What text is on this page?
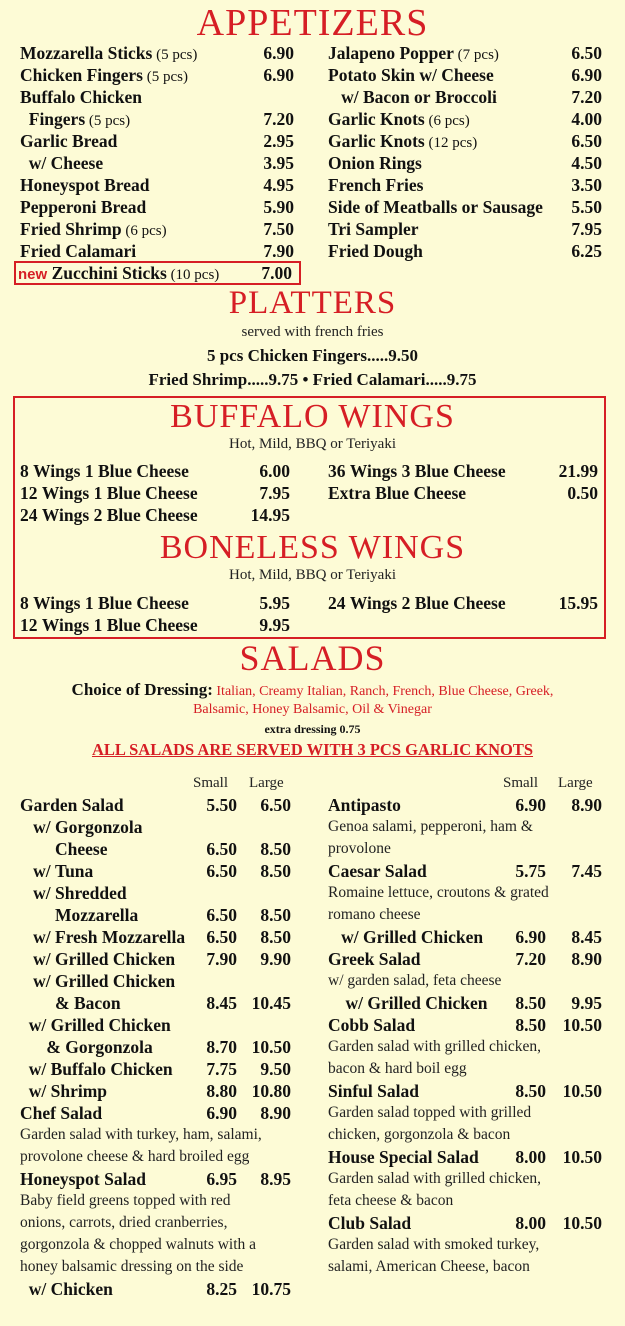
APPETIZERS
Mozzarella Sticks (5 pcs)	6.90
Chicken Fingers (5 pcs)	6.90
Buffalo Chicken
Fingers (5 pcs)	7.20
Garlic Bread	2.95
w/ Cheese	3.95
Honeyspot Bread	4.95
Pepperoni Bread	5.90
Fried Shrimp (6 pcs)	7.50
Fried Calamari	7.90
Jalapeno Popper (7 pcs)	6.50
Potato Skin w/ Cheese	6.90
w/ Bacon or Broccoli	7.20
Garlic Knots (6 pcs)	4.00
Garlic Knots (12 pcs)	6.50
Onion Rings	4.50
French Fries	3.50
Side of Meatballs or Sausage 5.50
Tri Sampler	7.95
Fried Dough	6.25
new Zucchini Sticks (10 pcs) 7.00
PLATTERS
served with french fries
5 pcs Chicken Fingers.....9.50
Fried Shrimp.....9.75 • Fried Calamari.....9.75
BUFFALO WINGS
Hot, Mild, BBQ or Teriyaki
8 Wings 1 Blue Cheese	6.00
12 Wings 1 Blue Cheese	7.95
24 Wings 2 Blue Cheese	14.95
36 Wings 3 Blue Cheese	21.99
Extra Blue Cheese	0.50
BONELESS WINGS
Hot, Mild, BBQ or Teriyaki
8 Wings 1 Blue Cheese	5.95
12 Wings 1 Blue Cheese	9.95
24 Wings 2 Blue Cheese	15.95
SALADS
Choice of Dressing: Italian, Creamy Italian, Ranch, French, Blue Cheese, Greek,
Balsamic, Honey Balsamic, Oil & Vinegar
extra dressing 0.75
ALL SALADS ARE SERVED WITH 3 PCS GARLIC KNOTS
Small Large	Small Large
Garden Salad	5.50 6.50
w/ Gorgonzola
Cheese	6.50 8.50
w/ Tuna	6.50 8.50
w/ Shredded
Mozzarella	6.50 8.50
w/ Fresh Mozzarella 6.50 8.50
w/ Grilled Chicken 7.90 9.90
w/ Grilled Chicken
& Bacon	8.45 10.45
w/ Grilled Chicken
& Gorgonzola	8.70 10.50
w/ Buffalo Chicken 7.75 9.50
w/ Shrimp	8.80 10.80
Chef Salad	6.90 8.90
Garden salad with turkey, ham, salami,
provolone cheese & hard broiled egg
Honeyspot Salad	6.95 8.95
Baby field greens topped with red
onions, carrots, dried cranberries,
gorgonzola & chopped walnuts with a
honey balsamic dressing on the side
w/ Chicken	8.25 10.75
Antipasto	6.90 8.90
Genoa salami, pepperoni, ham &
provolone
Caesar Salad	5.75 7.45
Romaine lettuce, croutons & grated
romano cheese
w/ Grilled Chicken 6.90 8.45
Greek Salad	7.20 8.90
w/ garden salad, feta cheese
w/ Grilled Chicken 8.50 9.95
Cobb Salad	8.50 10.50
Garden salad with grilled chicken,
bacon & hard boil egg
Sinful Salad	8.50 10.50
Garden salad topped with grilled
chicken, gorgonzola & bacon
House Special Salad 8.00 10.50
Garden salad with grilled chicken,
feta cheese & bacon
Club Salad	8.00 10.50
Garden salad with smoked turkey,
salami, American Cheese, bacon
